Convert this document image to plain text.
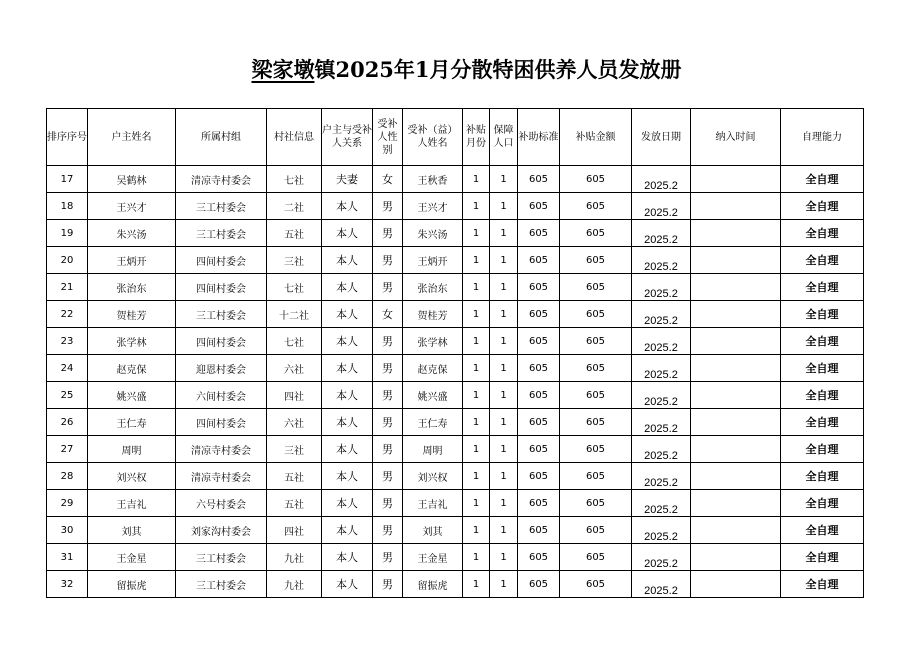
梁家墩镇2025年1月分散特困供养人员发放册
排序序号	户主姓名	所属村组	村社信息	户主与受补人关系	受补人性别	受补（益）人姓名	补贴月份	保障人口	补助标准	补贴金额	发放日期	纳入时间	自理能力
17	吴鹤林	清凉寺村委会	七社	夫妻	女	王秋香	1	1	605	605	2025.2		全自理
18	王兴才	三工村委会	二社	本人	男	王兴才	1	1	605	605	2025.2		全自理
19	朱兴汤	三工村委会	五社	本人	男	朱兴汤	1	1	605	605	2025.2		全自理
20	王炳开	四间村委会	三社	本人	男	王炳开	1	1	605	605	2025.2		全自理
21	张治东	四间村委会	七社	本人	男	张治东	1	1	605	605	2025.2		全自理
22	贺桂芳	三工村委会	十二社	本人	女	贺桂芳	1	1	605	605	2025.2		全自理
23	张学林	四间村委会	七社	本人	男	张学林	1	1	605	605	2025.2		全自理
24	赵克保	迎恩村委会	六社	本人	男	赵克保	1	1	605	605	2025.2		全自理
25	姚兴盛	六间村委会	四社	本人	男	姚兴盛	1	1	605	605	2025.2		全自理
26	王仁寿	四间村委会	六社	本人	男	王仁寿	1	1	605	605	2025.2		全自理
27	周明	清凉寺村委会	三社	本人	男	周明	1	1	605	605	2025.2		全自理
28	刘兴权	清凉寺村委会	五社	本人	男	刘兴权	1	1	605	605	2025.2		全自理
29	王吉礼	六号村委会	五社	本人	男	王吉礼	1	1	605	605	2025.2		全自理
30	刘其	刘家沟村委会	四社	本人	男	刘其	1	1	605	605	2025.2		全自理
31	王金星	三工村委会	九社	本人	男	王金星	1	1	605	605	2025.2		全自理
32	留振虎	三工村委会	九社	本人	男	留振虎	1	1	605	605	2025.2		全自理
